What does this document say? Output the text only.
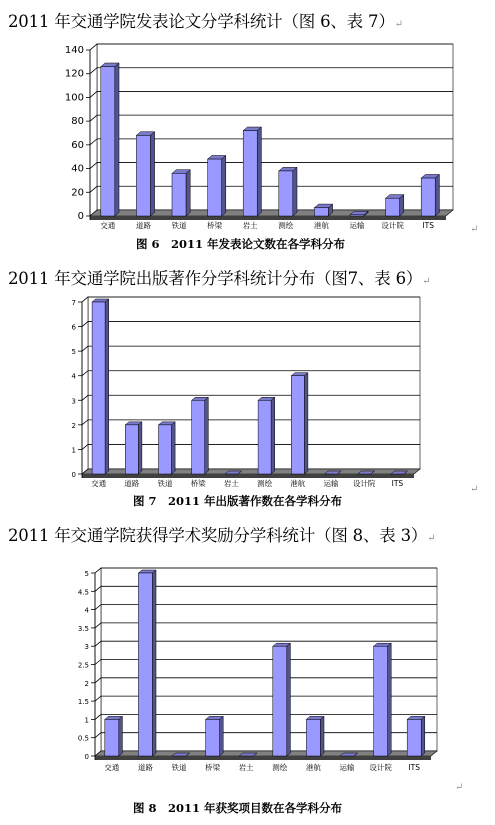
2011 年交通学院发表论文分学科统计（图 6、表 7）↵
0
20
40
60
80
100
120
140
交通	道路	铁道	桥梁	岩土	测绘	港航	运输 设计院 ITS
图 6　2011 年发表论文数在各学科分布
↵
2011 年交通学院出版著作分学科统计分布（图7、表 6）↵
0
1
2
3
4
5
6
7
交通 道路 铁道 桥梁 岩土 测绘 港航 运输 设计院 ITS
图 7　2011 年出版著作数在各学科分布
↵
2011 年交通学院获得学术奖励分学科统计（图 8、表 3）↵
0
0.5
1
1.5
2
2.5
3
3.5
4
4.5
5
交通 道路 铁道 桥梁 岩土 测绘 港航 运输 设计院 ITS
↵
图 8　2011 年获奖项目数在各学科分布
